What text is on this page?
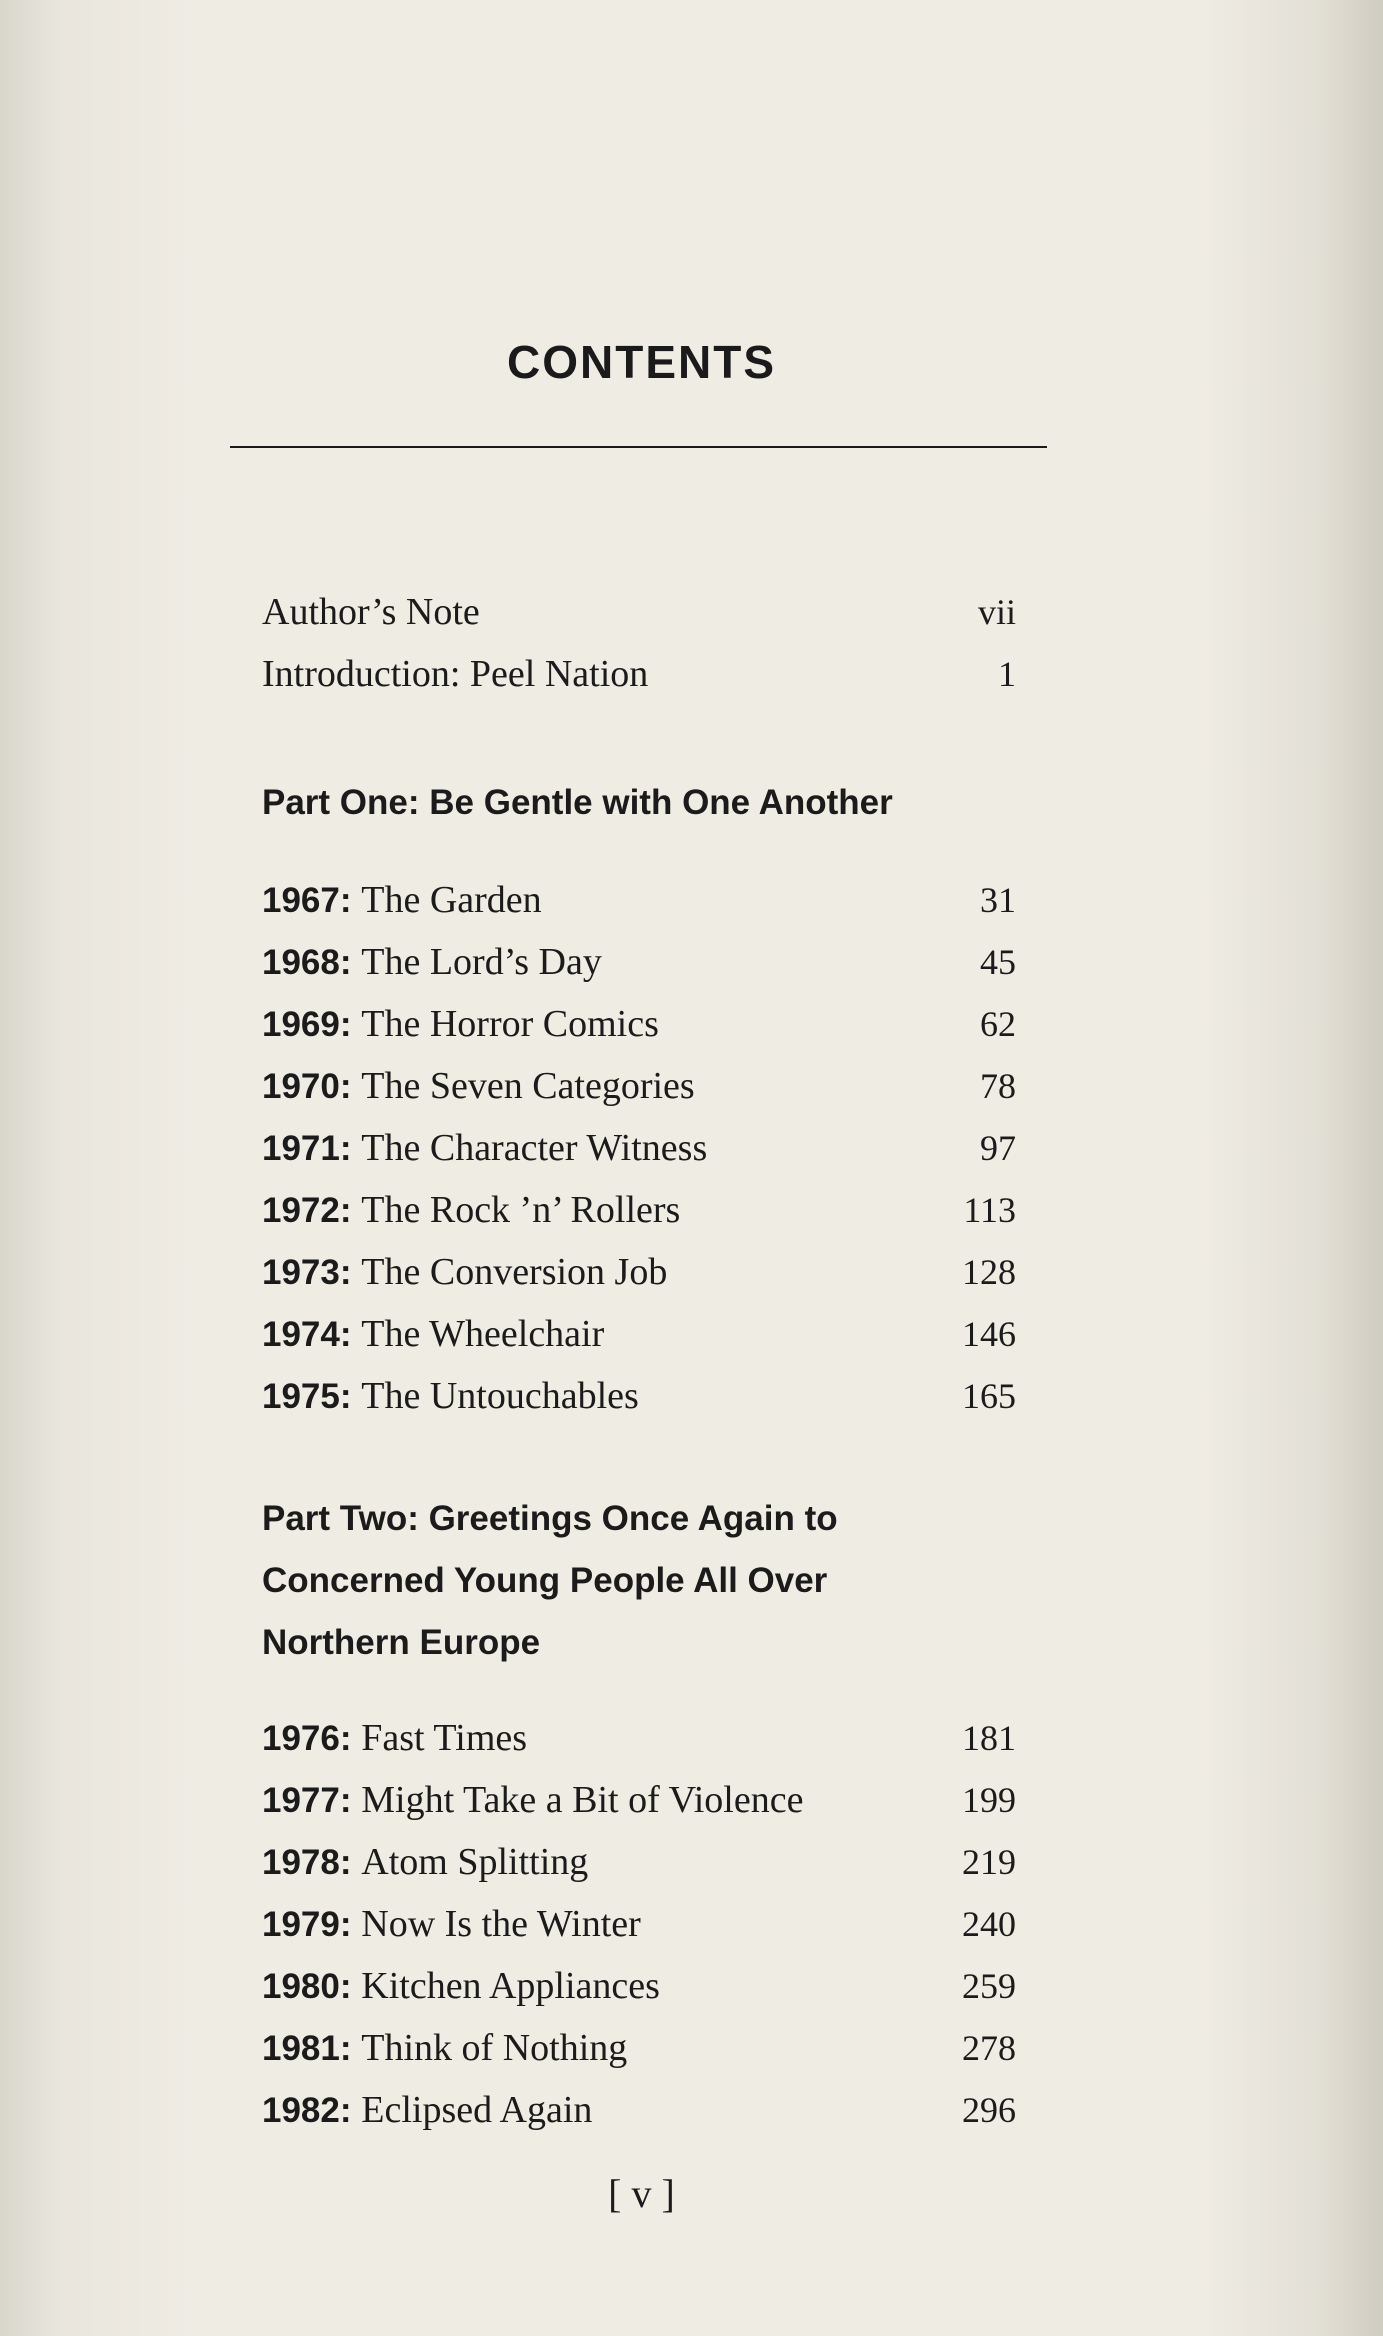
CONTENTS
Author’s Note	vii
Introduction: Peel Nation	1
Part One: Be Gentle with One Another
1967: The Garden	31
1968: The Lord’s Day	45
1969: The Horror Comics	62
1970: The Seven Categories	78
1971: The Character Witness	97
1972: The Rock ’n’ Rollers	113
1973: The Conversion Job	128
1974: The Wheelchair	146
1975: The Untouchables	165
Part Two: Greetings Once Again to
Concerned Young People All Over
Northern Europe
1976: Fast Times	181
1977: Might Take a Bit of Violence	199
1978: Atom Splitting	219
1979: Now Is the Winter	240
1980: Kitchen Appliances	259
1981: Think of Nothing	278
1982: Eclipsed Again	296
[ v ]
